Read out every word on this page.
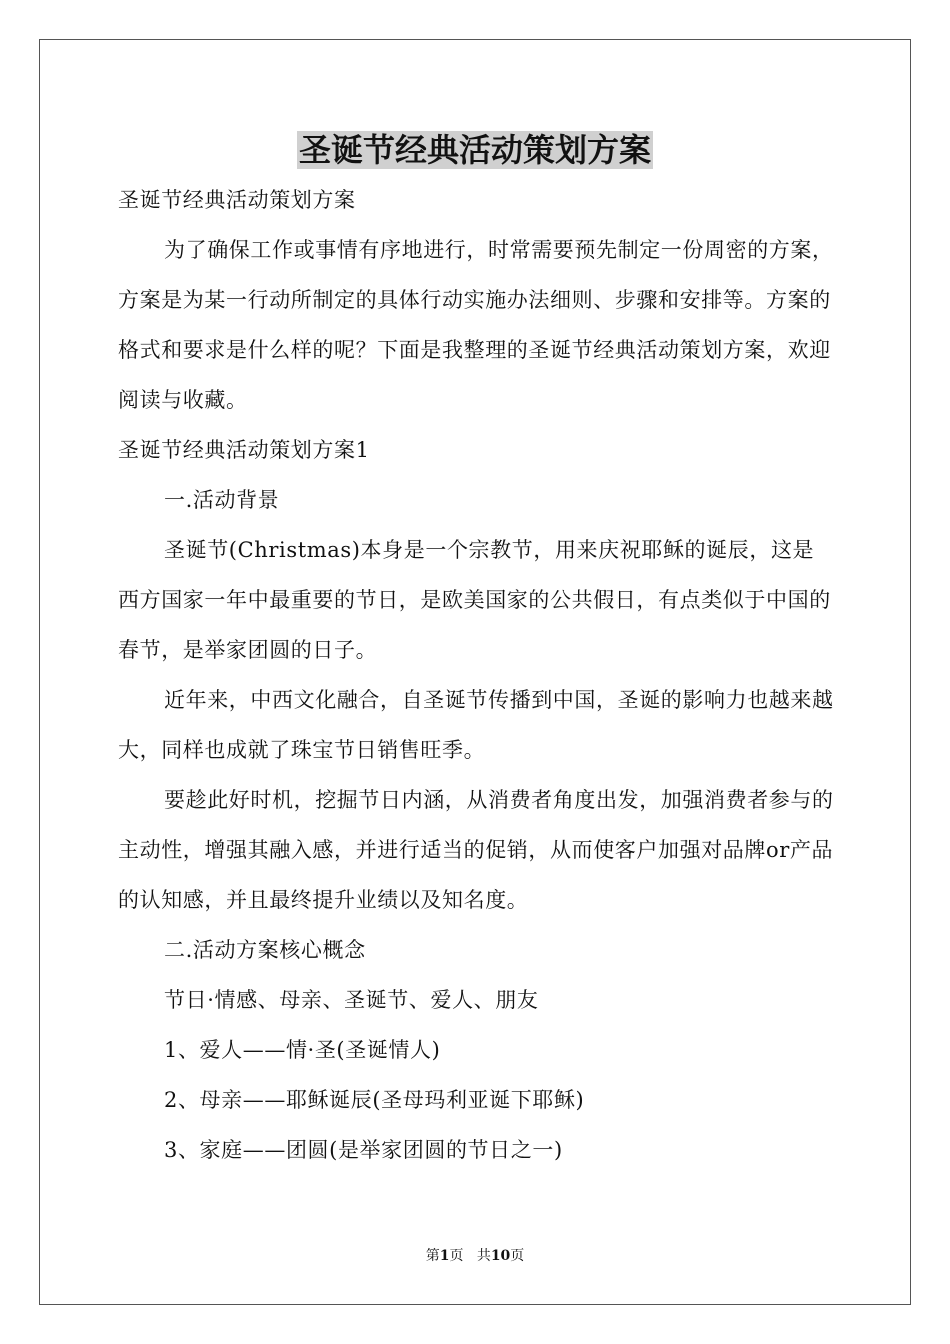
圣诞节经典活动策划方案

圣诞节经典活动策划方案

为了确保工作或事情有序地进行，时常需要预先制定一份周密的方案，方案是为某一行动所制定的具体行动实施办法细则、步骤和安排等。方案的格式和要求是什么样的呢？下面是我整理的圣诞节经典活动策划方案，欢迎阅读与收藏。

圣诞节经典活动策划方案1

一.活动背景

圣诞节(Christmas)本身是一个宗教节，用来庆祝耶稣的诞辰，这是西方国家一年中最重要的节日，是欧美国家的公共假日，有点类似于中国的春节，是举家团圆的日子。

近年来，中西文化融合，自圣诞节传播到中国，圣诞的影响力也越来越大，同样也成就了珠宝节日销售旺季。

要趁此好时机，挖掘节日内涵，从消费者角度出发，加强消费者参与的主动性，增强其融入感，并进行适当的促销，从而使客户加强对品牌or产品的认知感，并且最终提升业绩以及知名度。

二.活动方案核心概念

节日·情感、母亲、圣诞节、爱人、朋友

1、爱人——情·圣(圣诞情人)

2、母亲——耶稣诞辰(圣母玛利亚诞下耶稣)

3、家庭——团圆(是举家团圆的节日之一)

第1页 共10页
